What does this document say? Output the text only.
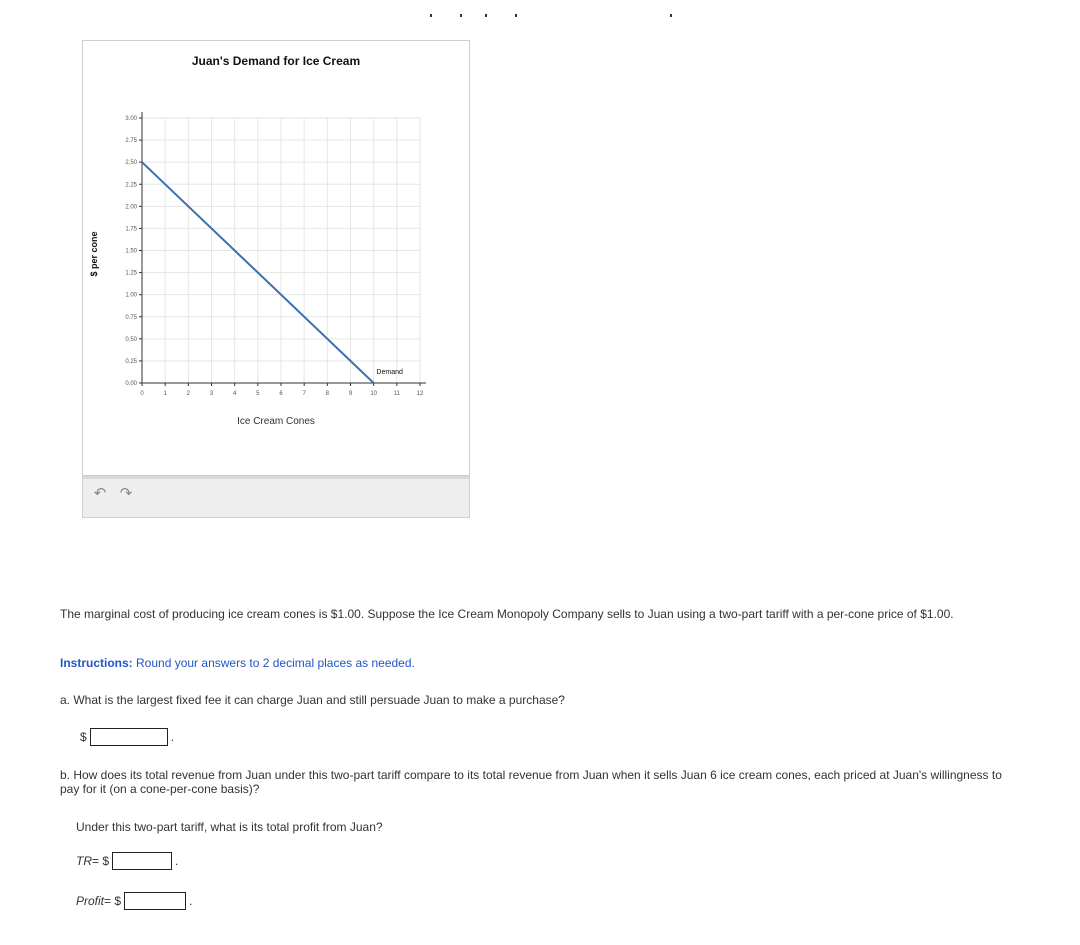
Juan's Demand for Ice Cream
0.00
0.25
0.50
0.75
1.00
1.25
1.50
1.75
2.00
2.25
2.50
2.75
3.00
0	1	2	3	4	5	6	7	8	9	10	11	12
Demand
Ice Cream Cones
$ per cone
↶ ↷
The marginal cost of producing ice cream cones is $1.00. Suppose the Ice Cream Monopoly Company sells to Juan using a two-part tariff with a per-cone price of $1.00.
Instructions: Round your answers to 2 decimal places as needed.
a. What is the largest fixed fee it can charge Juan and still persuade Juan to make a purchase?
$	.
b. How does its total revenue from Juan under this two-part tariff compare to its total revenue from Juan when it sells Juan 6 ice cream cones, each priced at Juan's willingness to pay for it (on a cone-per-cone basis)?
Under this two-part tariff, what is its total profit from Juan?
TR = $	.
Profit = $	.
